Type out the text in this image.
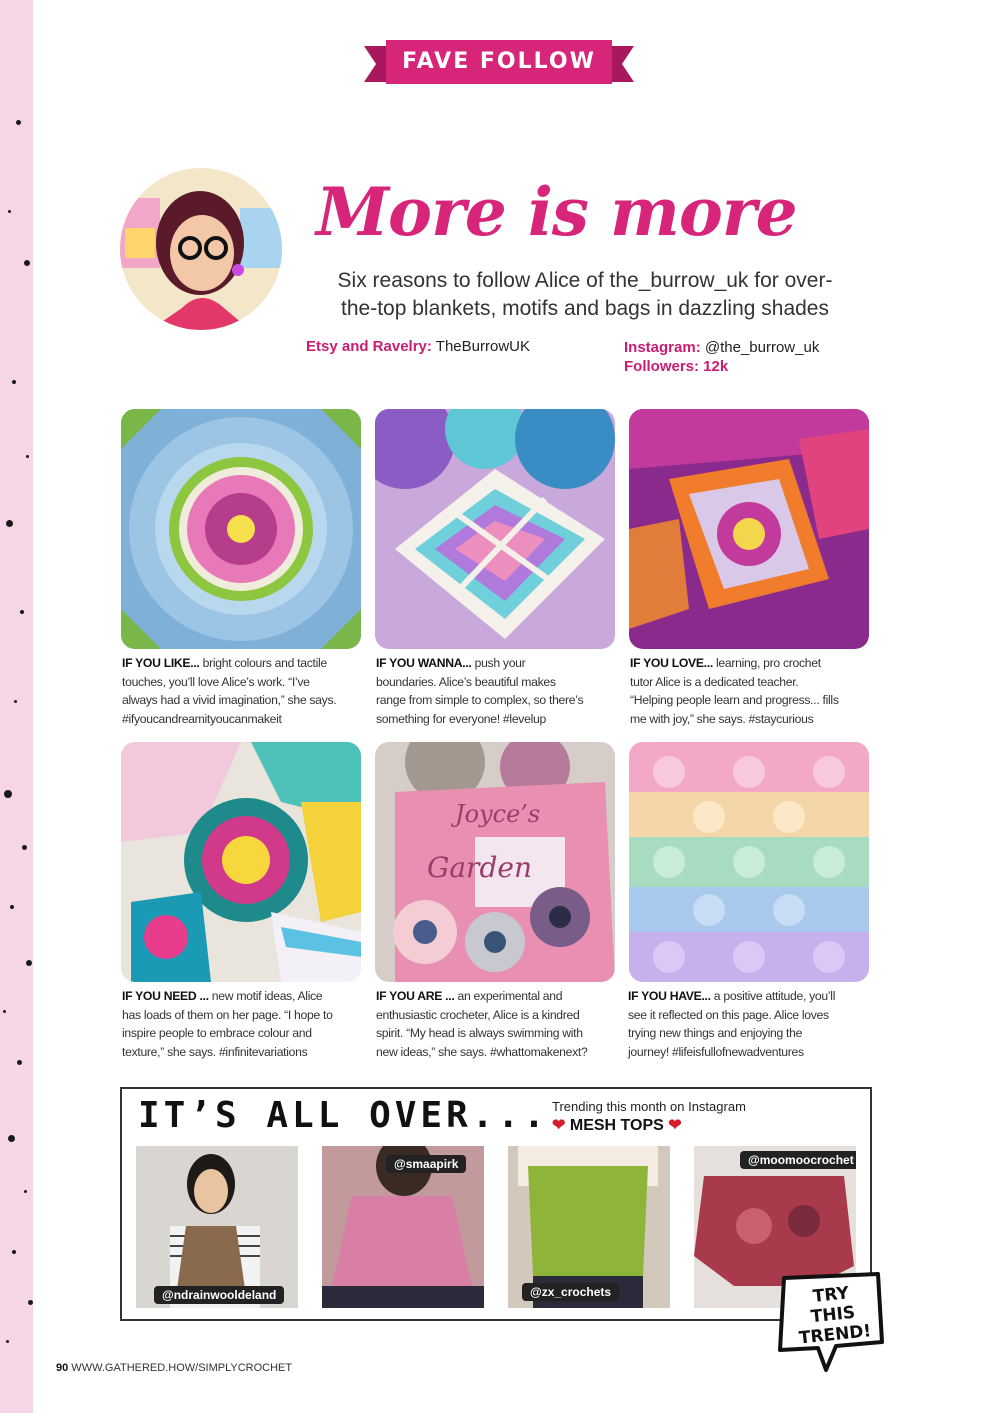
FAVE FOLLOW
More is more
Six reasons to follow Alice of the_burrow_uk for over-
the-top blankets, motifs and bags in dazzling shades
Etsy and Ravelry: TheBurrowUK	Instagram: @the_burrow_uk
Followers: 12k
IF YOU LIKE... bright colours and tactile
touches, you’ll love Alice’s work. “I’ve
always had a vivid imagination,” she says.
#ifyoucandreamityoucanmakeit
IF YOU WANNA... push your
boundaries. Alice’s beautiful makes
range from simple to complex, so there’s
something for everyone! #levelup
IF YOU LOVE... learning, pro crochet
tutor Alice is a dedicated teacher.
“Helping people learn and progress... fills
me with joy,” she says. #staycurious
Joyce’s
Garden
IF YOU NEED ... new motif ideas, Alice
has loads of them on her page. “I hope to
inspire people to embrace colour and
texture,” she says. #infinitevariations
IF YOU ARE ... an experimental and
enthusiastic crocheter, Alice is a kindred
spirit. “My head is always swimming with
new ideas,” she says. #whattomakenext?
IF YOU HAVE... a positive attitude, you’ll
see it reflected on this page. Alice loves
trying new things and enjoying the
journey! #lifeisfullofnewadventures
IT’S ALL OVER... Trending this month on Instagram
❤ MESH TOPS ❤
@ndrainwooldeland
@smaapirk
@zx_crochets
@moomoocrochet
TRY THIS
TREND!
90 WWW.GATHERED.HOW/SIMPLYCROCHET
